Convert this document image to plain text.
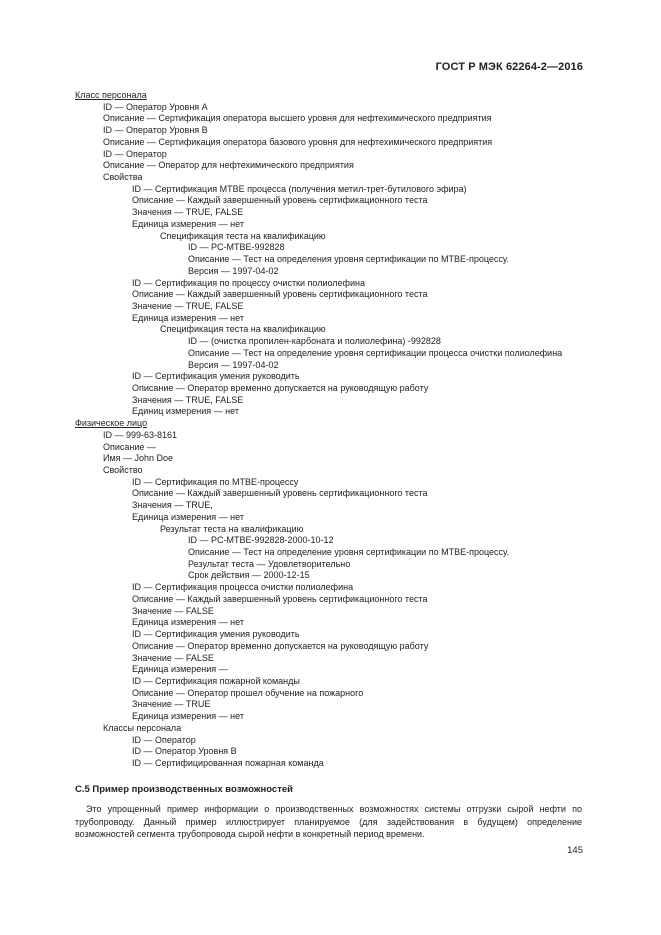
ГОСТ Р МЭК 62264-2—2016
Класс персонала
ID — Оператор Уровня А
Описание — Сертификация оператора высшего уровня для нефтехимического предприятия
ID — Оператор Уровня В
Описание — Сертификация оператора базового уровня для нефтехимического предприятия
ID — Оператор
Описание — Оператор для нефтехимического предприятия
Свойства
ID — Сертификация MTBE процесса (получения метил-трет-бутилового эфира)
Описание — Каждый завершенный уровень сертификационного теста
Значения — TRUE, FALSE
Единица измерения — нет
Спецификация теста на квалификацию
ID — PC-MTBE-992828
Описание — Тест на определения уровня сертификации по MTBE-процессу.
Версия — 1997-04-02
ID — Сертификация по процессу очистки полиолефина
Описание — Каждый завершенный уровень сертификационного теста
Значение — TRUE, FALSE
Единица измерения — нет
Спецификация теста на квалификацию
ID — (очистка пропилен-карбоната и полиолефина) -992828
Описание — Тест на определение уровня сертификации процесса очистки полиолефина
Версия — 1997-04-02
ID — Сертификация умения руководить
Описание — Оператор временно допускается на руководящую работу
Значения — TRUE, FALSE
Единиц измерения — нет
Физическое лицо
ID — 999-63-8161
Описание —
Имя — John Doe
Свойство
ID — Сертификация по MTBE-процессу
Описание — Каждый завершенный уровень сертификационного теста
Значения — TRUE,
Единица измерения — нет
Результат теста на квалификацию
ID — PC-MTBE-992828-2000-10-12
Описание — Тест на определение уровня сертификации по MTBE-процессу.
Результат теста — Удовлетворительно
Срок действия — 2000-12-15
ID — Сертификация процесса очистки полиолефина
Описание — Каждый завершенный уровень сертификационного теста
Значение — FALSE
Единица измерения — нет
ID — Сертификация умения руководить
Описание — Оператор временно допускается на руководящую работу
Значение — FALSE
Единица измерения —
ID — Сертификация пожарной команды
Описание — Оператор прошел обучение на пожарного
Значение — TRUE
Единица измерения — нет
Классы персонала
ID — Оператор
ID — Оператор Уровня В
ID — Сертифицированная пожарная команда
С.5 Пример производственных возможностей
Это упрощенный пример информации о производственных возможностях системы отгрузки сырой нефти по трубопроводу. Данный пример иллюстрирует планируемое (для задействования в будущем) определение возможностей сегмента трубопровода сырой нефти в конкретный период времени.
145
